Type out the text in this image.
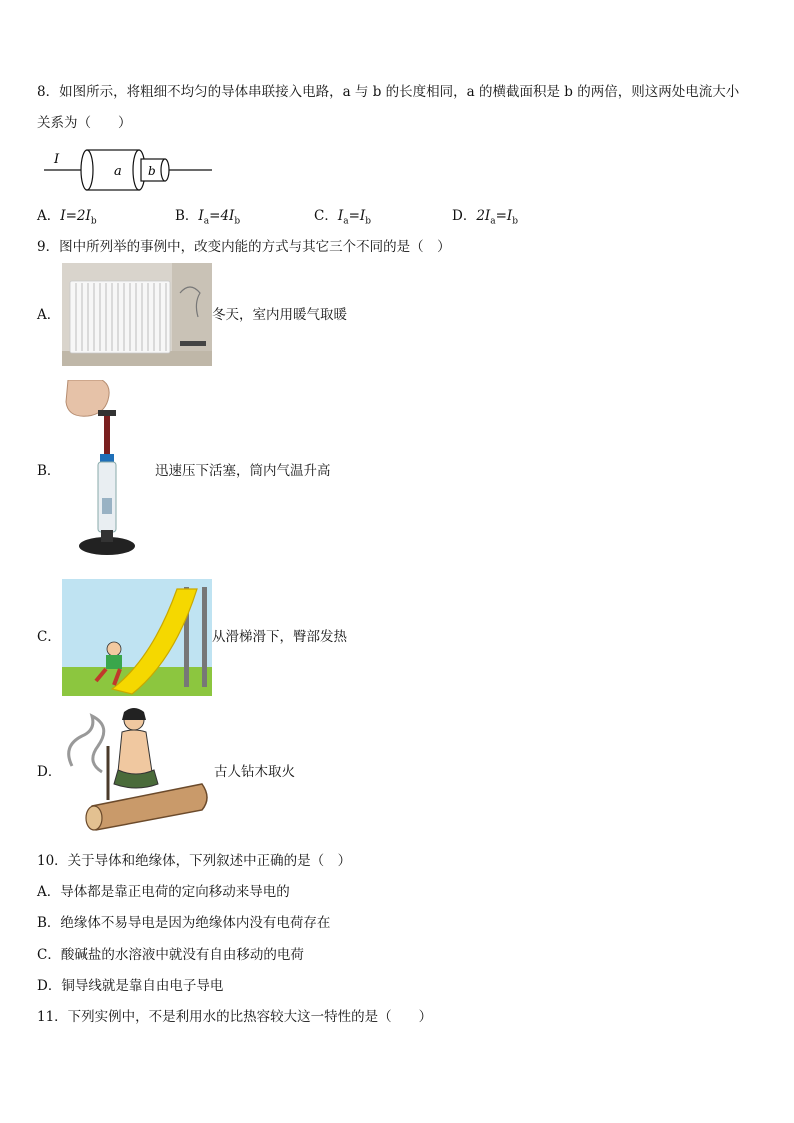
8．如图所示，将粗细不均匀的导体串联接入电路，a 与 b 的长度相同，a 的横截面积是 b 的两倍，则这两处电流大小
关系为（　　）
I
a b
A．$I=2I_b$	B．$I_a=4I_b$	C．$I_a=I_b$	D．$2I_a=I_b$
9．图中所列举的事例中，改变内能的方式与其它三个不同的是（　）
A．	冬天，室内用暖气取暖
B．	迅速压下活塞，筒内气温升高
C．	从滑梯滑下，臀部发热
D．	古人钻木取火
10．关于导体和绝缘体，下列叙述中正确的是（　）
A．导体都是靠正电荷的定向移动来导电的
B．绝缘体不易导电是因为绝缘体内没有电荷存在
C．酸碱盐的水溶液中就没有自由移动的电荷
D．铜导线就是靠自由电子导电
11．下列实例中，不是利用水的比热容较大这一特性的是（　　）
